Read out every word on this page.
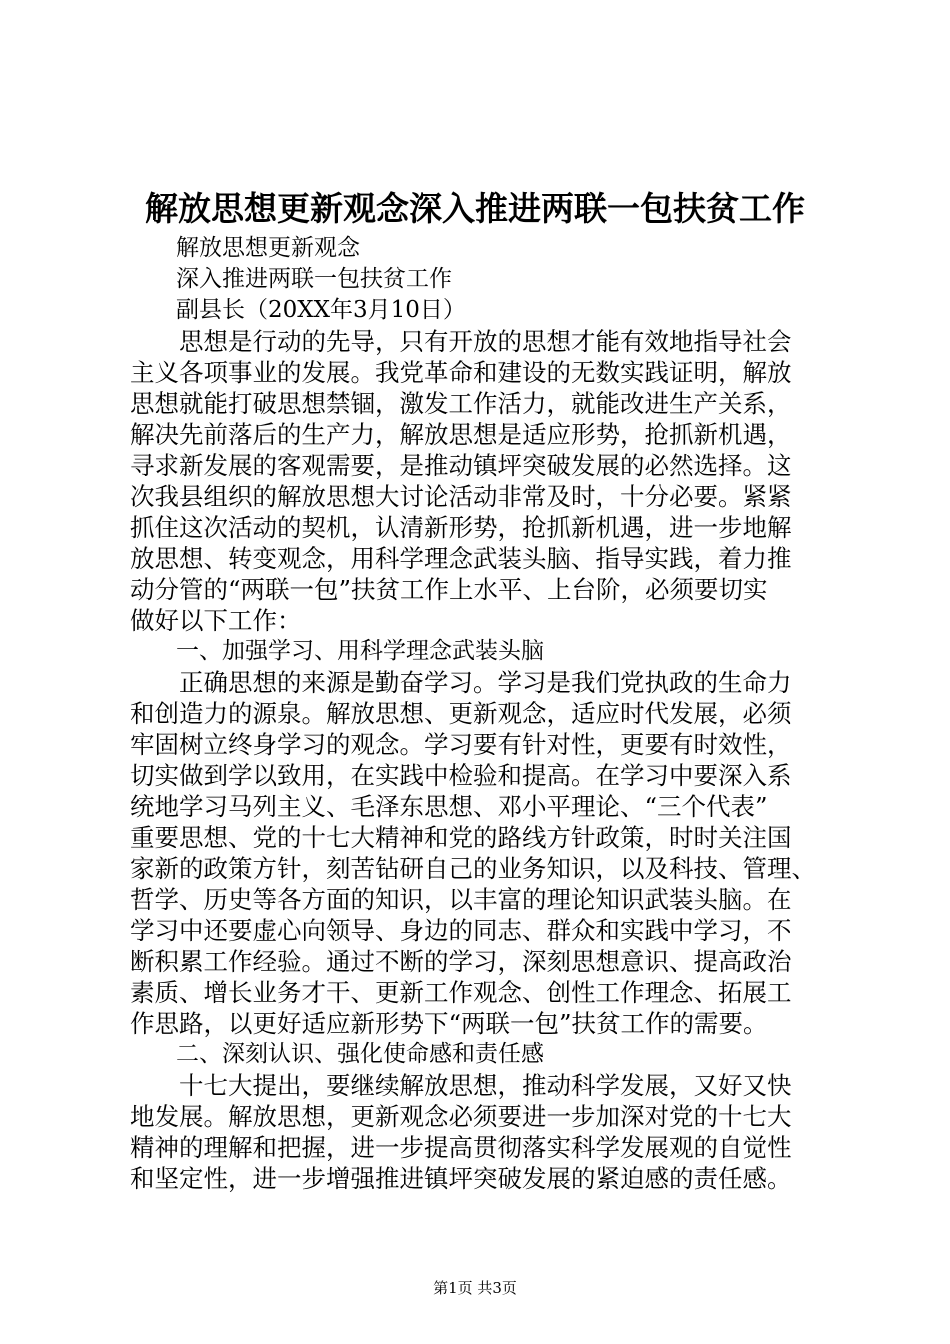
解放思想更新观念深入推进两联一包扶贫工作

解放思想更新观念

深入推进两联一包扶贫工作

副县长（20XX年3月10日）

思想是行动的先导，只有开放的思想才能有效地指导社会

主义各项事业的发展。我党革命和建设的无数实践证明，解放

思想就能打破思想禁锢，激发工作活力，就能改进生产关系，

解决先前落后的生产力，解放思想是适应形势，抢抓新机遇，

寻求新发展的客观需要，是推动镇坪突破发展的必然选择。这

次我县组织的解放思想大讨论活动非常及时，十分必要。紧紧

抓住这次活动的契机，认清新形势，抢抓新机遇，进一步地解

放思想、转变观念，用科学理念武装头脑、指导实践，着力推

动分管的“两联一包”扶贫工作上水平、上台阶，必须要切实

做好以下工作：

一、加强学习、用科学理念武装头脑

正确思想的来源是勤奋学习。学习是我们党执政的生命力

和创造力的源泉。解放思想、更新观念，适应时代发展，必须

牢固树立终身学习的观念。学习要有针对性，更要有时效性，

切实做到学以致用，在实践中检验和提高。在学习中要深入系

统地学习马列主义、毛泽东思想、邓小平理论、“三个代表”

重要思想、党的十七大精神和党的路线方针政策，时时关注国

家新的政策方针，刻苦钻研自己的业务知识，以及科技、管理、

哲学、历史等各方面的知识，以丰富的理论知识武装头脑。在

学习中还要虚心向领导、身边的同志、群众和实践中学习，不

断积累工作经验。通过不断的学习，深刻思想意识、提高政治

素质、增长业务才干、更新工作观念、创性工作理念、拓展工

作思路，以更好适应新形势下“两联一包”扶贫工作的需要。

二、深刻认识、强化使命感和责任感

十七大提出，要继续解放思想，推动科学发展，又好又快

地发展。解放思想，更新观念必须要进一步加深对党的十七大

精神的理解和把握，进一步提高贯彻落实科学发展观的自觉性

和坚定性，进一步增强推进镇坪突破发展的紧迫感的责任感。

第1页 共3页
